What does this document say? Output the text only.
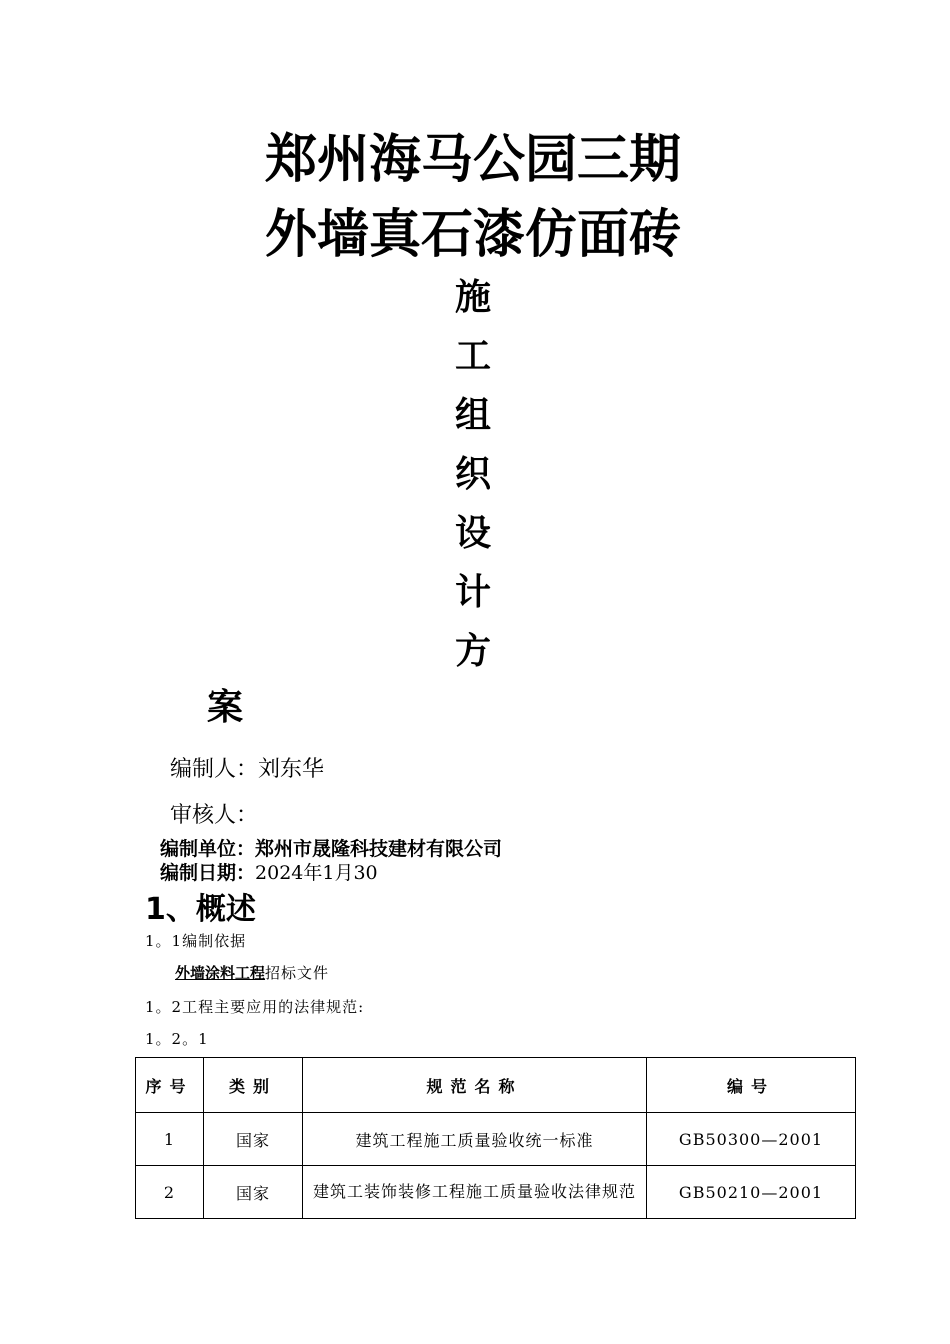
郑州海马公园三期
外墙真石漆仿面砖
施
工
组
织
设
计
方
案
编制人：刘东华
审核人：
编制单位：郑州市晟隆科技建材有限公司
编制日期：2024年1月30
1、概述
1。1编制依据
外墙涂料工程招标文件
1。2工程主要应用的法律规范:
1。2。1
序号	类别	规范名称	编号
1	国家	建筑工程施工质量验收统一标准	GB50300—2001
2	国家	建筑工装饰装修工程施工质量验收法律规范	GB50210—2001
